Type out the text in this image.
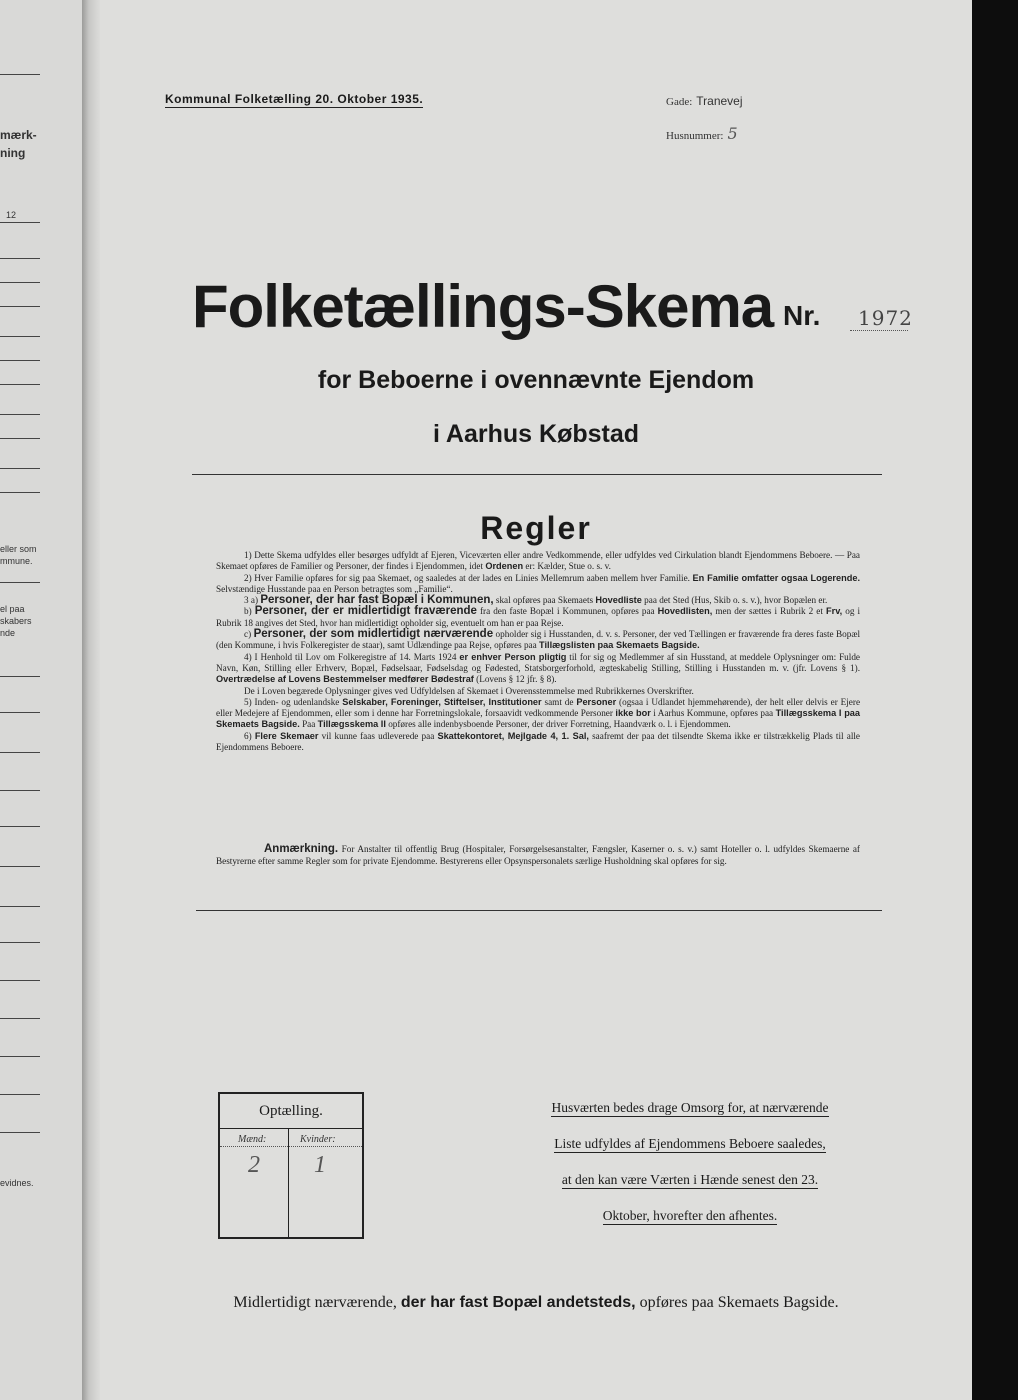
mærk-
ning
12
eller som
mmune.
el paa
skabers
nde
evidnes.
Kommunal Folketælling 20. Oktober 1935.	Gade: Tranevej
Husnummer: 5
Folketællings-Skema Nr. 1972
for Beboerne i ovennævnte Ejendom
i Aarhus Købstad
Regler

1) Dette Skema udfyldes eller besørges udfyldt af Ejeren, Viceværten eller andre Vedkommende, eller udfyldes ved Cirkulation blandt Ejendommens Beboere. — Paa Skemaet opføres de Familier og Personer, der findes i Ejendommen, idet Ordenen er: Kælder, Stue o. s. v.

2) Hver Familie opføres for sig paa Skemaet, og saaledes at der lades en Linies Mellemrum aaben mellem hver Familie. En Familie omfatter ogsaa Logerende. Selvstændige Husstande paa en Person betragtes som „Familie“.

3 a) Personer, der har fast Bopæl i Kommunen, skal opføres paa Skemaets Hovedliste paa det Sted (Hus, Skib o. s. v.), hvor Bopælen er.

b) Personer, der er midlertidigt fraværende fra den faste Bopæl i Kommunen, opføres paa Hovedlisten, men der sættes i Rubrik 2 et Frv, og i Rubrik 18 angives det Sted, hvor han midlertidigt opholder sig, eventuelt om han er paa Rejse.

c) Personer, der som midlertidigt nærværende opholder sig i Husstanden, d. v. s. Personer, der ved Tællingen er fraværende fra deres faste Bopæl (den Kommune, i hvis Folkeregister de staar), samt Udlændinge paa Rejse, opføres paa Tillægslisten paa Skemaets Bagside.

4) I Henhold til Lov om Folkeregistre af 14. Marts 1924 er enhver Person pligtig til for sig og Medlemmer af sin Husstand, at meddele Oplysninger om: Fulde Navn, Køn, Stilling eller Erhverv, Bopæl, Fødselsaar, Fødselsdag og Fødested, Statsborgerforhold, ægteskabelig Stilling, Stilling i Husstanden m. v. (jfr. Lovens § 1). Overtrædelse af Lovens Bestemmelser medfører Bødestraf (Lovens § 12 jfr. § 8).

De i Loven begærede Oplysninger gives ved Udfyldelsen af Skemaet i Overensstemmelse med Rubrikkernes Overskrifter.

5) Inden- og udenlandske Selskaber, Foreninger, Stiftelser, Institutioner samt de Personer (ogsaa i Udlandet hjemmehørende), der helt eller delvis er Ejere eller Medejere af Ejendommen, eller som i denne har Forretningslokale, forsaavidt vedkommende Personer ikke bor i Aarhus Kommune, opføres paa Tillægsskema I paa Skemaets Bagside. Paa Tillægsskema II opføres alle indenbysboende Personer, der driver Forretning, Haandværk o. l. i Ejendommen.

6) Flere Skemaer vil kunne faas udleverede paa Skattekontoret, Mejlgade 4, 1. Sal, saafremt der paa det tilsendte Skema ikke er tilstrækkelig Plads til alle Ejendommens Beboere.

Anmærkning. For Anstalter til offentlig Brug (Hospitaler, Forsørgelsesanstalter, Fængsler, Kaserner o. s. v.) samt Hoteller o. l. udfyldes Skemaerne af Bestyrerne efter samme Regler som for private Ejendomme. Bestyrerens eller Opsynspersonalets særlige Husholdning skal opføres for sig.

Optælling.
Mænd:	Kvinder:
2 1
Husværten bedes drage Omsorg for, at nærværende
Liste udfyldes af Ejendommens Beboere saaledes,
at den kan være Værten i Hænde senest den 23.
Oktober, hvorefter den afhentes.
Midlertidigt nærværende, der har fast Bopæl andetsteds, opføres paa Skemaets Bagside.
